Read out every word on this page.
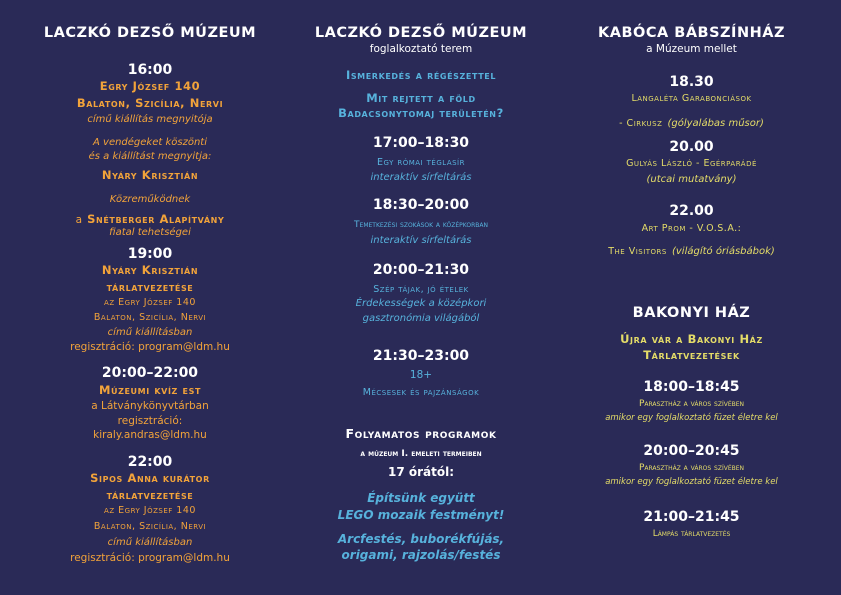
LACZKÓ DEZSŐ MÚZEUM
16:00
Egry József 140
Balaton, Szicília, Nervi
című kiállítás megnyitója
A vendégeket köszönti
és a kiállítást megnyitja:
Nyáry Krisztián
Közreműködnek
a Snétberger Alapítvány
fiatal tehetségei
19:00
Nyáry Krisztián
tárlatvezetése
az Egry József 140
Balaton, Szicília, Nervi
című kiállításban
regisztráció: program@ldm.hu
20:00–22:00
Múzeumi kvíz est
a Látványkönyvtárban
regisztráció:
kiraly.andras@ldm.hu
22:00
Sipos Anna kurátor
tárlatvezetése
az Egry József 140
Balaton, Szicília, Nervi
című kiállításban
regisztráció: program@ldm.hu
LACZKÓ DEZSŐ MÚZEUM
foglalkoztató terem
Ismerkedés a régészettel
Mit rejtett a föld
Badacsonytomaj területén?
17:00–18:30
Egy római téglasír
interaktív sírfeltárás
18:30–20:00
Temetkezési szokások a középkorban
interaktív sírfeltárás
20:00–21:30
Szép tájak, jó ételek
Érdekességek a középkori
gasztronómia világából
21:30–23:00
18+
Mécsesek és pajzánságok
Folyamatos programok
a múzeum I. emeleti termeiben
17 órától:
Építsünk együtt
LEGO mozaik festményt!
Arcfestés, buborékfújás,
origami, rajzolás/festés
KABÓCA BÁBSZÍNHÁZ
a Múzeum mellet
18.30
Langaléta Garabonciások
- Cirkusz (gólyalábas műsor)
20.00
Gulyás László - Egérparádé
(utcai mutatvány)
22.00
Art Prom - V.O.S.A.:
The Visitors (világító óriásbábok)
BAKONYI HÁZ
Újra vár a Bakonyi Ház
Tárlatvezetések
18:00–18:45
Parasztház a város szívében
amikor egy foglalkoztató füzet életre kel
20:00–20:45
Parasztház a város szívében
amikor egy foglalkoztató füzet életre kel
21:00–21:45
Lámpás tárlatvezetés
